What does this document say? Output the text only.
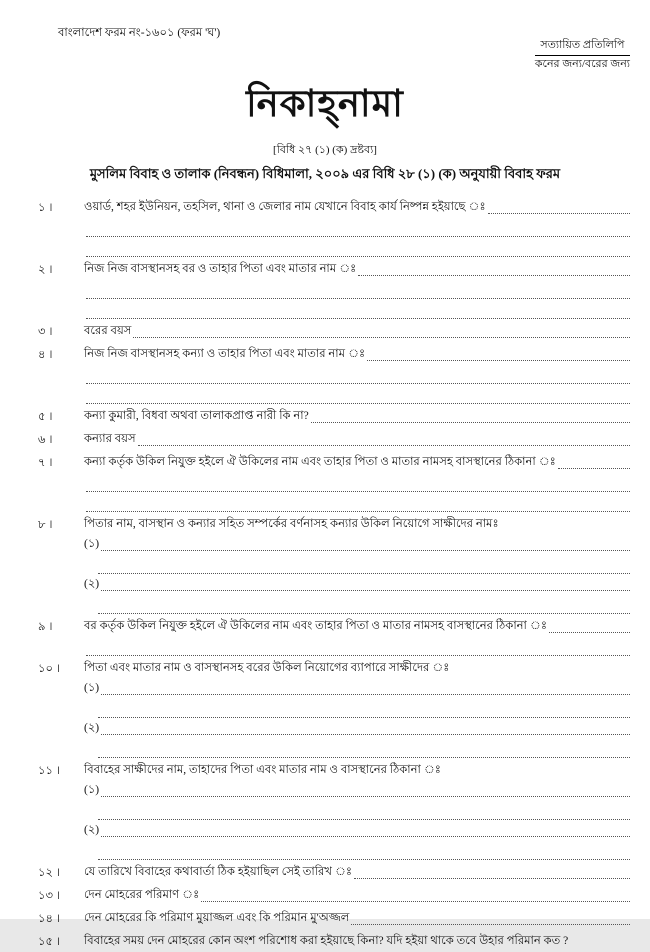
বাংলাদেশ ফরম নং-১৬০১ (ফরম 'ঘ')
সত্যায়িত প্রতিলিপি
কনের জন্য/বরের জন্য
নিকাহ্‌নামা
[বিধি ২৭ (১) (ক) দ্রষ্টব্য]
মুসলিম বিবাহ ও তালাক (নিবন্ধন) বিধিমালা, ২০০৯ এর বিধি ২৮ (১) (ক) অনুযায়ী বিবাহ ফরম
১ ।	ওয়ার্ড, শহর ইউনিয়ন, তহসিল, থানা ও জেলার নাম যেখানে বিবাহ কার্য নিষ্পন্ন হইয়াছে ঃ
২ ।	নিজ নিজ বাসস্থানসহ বর ও তাহার পিতা এবং মাতার নাম ঃ
৩ ।	বরের বয়স
৪ ।	নিজ নিজ বাসস্থানসহ কন্যা ও তাহার পিতা এবং মাতার নাম ঃ
৫ ।	কন্যা কুমারী, বিধবা অথবা তালাকপ্রাপ্ত নারী কি না?
৬ ।	কন্যার বয়স
৭ ।	কন্যা কর্তৃক উকিল নিযুক্ত হইলে ঐ উকিলের নাম এবং তাহার পিতা ও মাতার নামসহ বাসস্থানের ঠিকানা ঃ
৮ ।	পিতার নাম, বাসস্থান ও কন্যার সহিত সম্পর্কের বর্ণনাসহ কন্যার উকিল নিয়োগে সাক্ষীদের নামঃ
(১)
(২)
৯ ।	বর কর্তৃক উকিল নিযুক্ত হইলে ঐ উকিলের নাম এবং তাহার পিতা ও মাতার নামসহ বাসস্থানের ঠিকানা ঃ
১০ ।	পিতা এবং মাতার নাম ও বাসস্থানসহ বরের উকিল নিয়োগের ব্যাপারে সাক্ষীদের ঃ
(১)
(২)
১১ ।	বিবাহের সাক্ষীদের নাম, তাহাদের পিতা এবং মাতার নাম ও বাসস্থানের ঠিকানা ঃ
(১)
(২)
১২ ।	যে তারিখে বিবাহের কথাবার্তা ঠিক হইয়াছিল সেই তারিখ ঃ
১৩ ।	দেন মোহরের পরিমাণ ঃ
১৪ ।	দেন মোহরের কি পরিমাণ মুয়াজ্জল এবং কি পরিমান মু'অজ্জল
১৫ ।	বিবাহের সময় দেন মোহরের কোন অংশ পরিশোধ করা হইয়াছে কিনা? যদি হইয়া থাকে তবে উহার পরিমান কত ?
